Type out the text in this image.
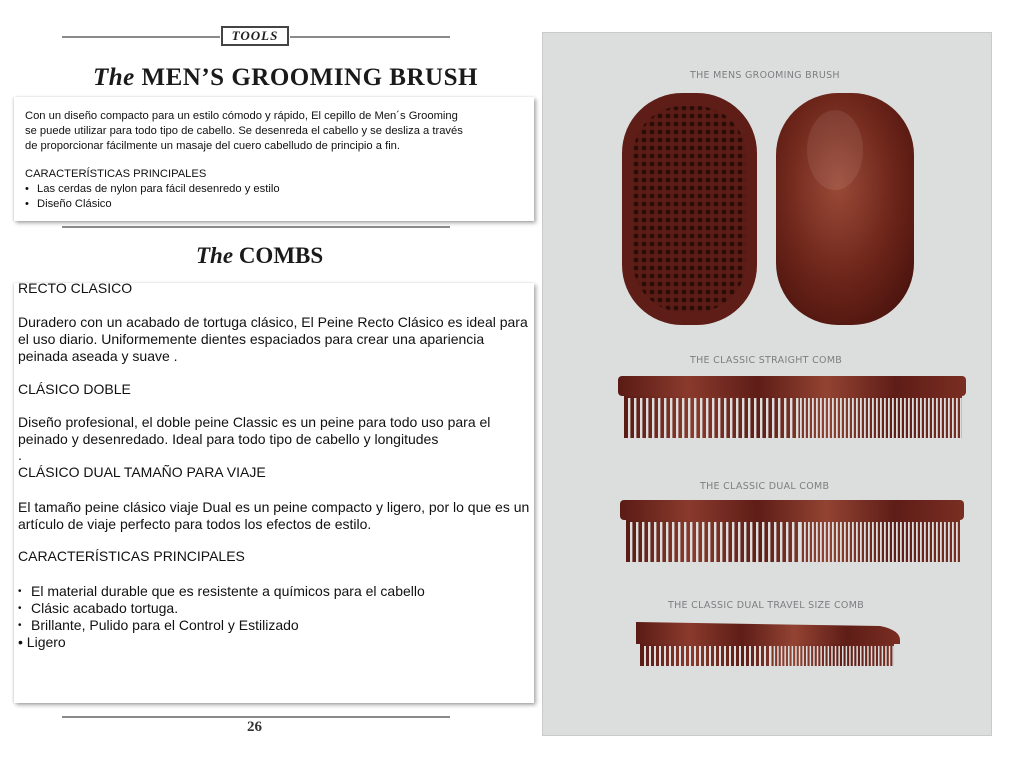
TOOLS
The MEN’S GROOMING BRUSH
Con un diseño compacto para un estilo cómodo y rápido, El cepillo de Men´s Grooming
se puede utilizar para todo tipo de cabello. Se desenreda el cabello y se desliza a través
de proporcionar fácilmente un masaje del cuero cabelludo de principio a fin.
CARACTERÍSTICAS PRINCIPALES
• Las cerdas de nylon para fácil desenredo y estilo
• Diseño Clásico
The COMBS
RECTO CLASICO
Duradero con un acabado de tortuga clásico, El Peine Recto Clásico es ideal para
el uso diario. Uniformemente dientes espaciados para crear una apariencia
peinada aseada y suave .
CLÁSICO DOBLE
Diseño profesional, el doble peine Classic es un peine para todo uso para el
peinado y desenredado. Ideal para todo tipo de cabello y longitudes
.
CLÁSICO DUAL TAMAÑO PARA VIAJE
El tamaño peine clásico viaje Dual es un peine compacto y ligero, por lo que es un
artículo de viaje perfecto para todos los efectos de estilo.
CARACTERÍSTICAS PRINCIPALES
• El material durable que es resistente a químicos para el cabello
• Clásic acabado tortuga.
• Brillante, Pulido para el Control y Estilizado
• Ligero
26
THE MENS GROOMING BRUSH
THE CLASSIC STRAIGHT COMB
THE CLASSIC DUAL COMB
THE CLASSIC DUAL TRAVEL SIZE COMB
